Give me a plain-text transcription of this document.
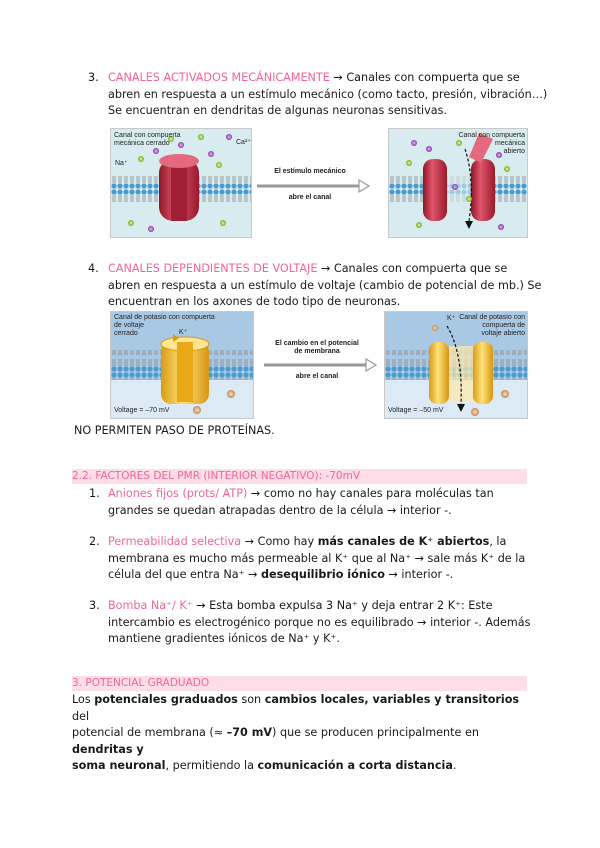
3. CANALES ACTIVADOS MECÁNICAMENTE → Canales con compuerta que se
abren en respuesta a un estímulo mecánico (como tacto, presión, vibración…)
Se encuentran en dendritas de algunas neuronas sensitivas.
Canal con compuerta
mecánica cerrado
Na⁺
Ca²⁺
El estímulo mecánico
abre el canal
Canal con compuerta
mecánica
abierto
4. CANALES DEPENDIENTES DE VOLTAJE → Canales con compuerta que se
abren en respuesta a un estímulo de voltaje (cambio de potencial de mb.) Se
encuentran en los axones de todo tipo de neuronas.
Canal de potasio con compuerta
de voltaje
cerrado	K⁺
Voltage = –70 mV
El cambio en el potencial
de membrana
abre el canal
K⁺ Canal de potasio con
compuerta de
voltaje abierto
Voltage = –50 mV
NO PERMITEN PASO DE PROTEÍNAS.
2.2. FACTORES DEL PMR (INTERIOR NEGATIVO): -70mV
1. Aniones fijos (prots/ ATP) → como no hay canales para moléculas tan
grandes se quedan atrapadas dentro de la célula → interior -.
2. Permeabilidad selectiva → Como hay más canales de K⁺ abiertos, la
membrana es mucho más permeable al K⁺ que al Na⁺ → sale más K⁺ de la
célula del que entra Na⁺ → desequilibrio iónico → interior -.
3. Bomba Na⁺/ K⁺ → Esta bomba expulsa 3 Na⁺ y deja entrar 2 K⁺: Este
intercambio es electrogénico porque no es equilibrado → interior -. Además
mantiene gradientes iónicos de Na⁺ y K⁺.
3. POTENCIAL GRADUADO
Los potenciales graduados son cambios locales, variables y transitorios del
potencial de membrana (≈ –70 mV) que se producen principalmente en dendritas y
soma neuronal, permitiendo la comunicación a corta distancia.
